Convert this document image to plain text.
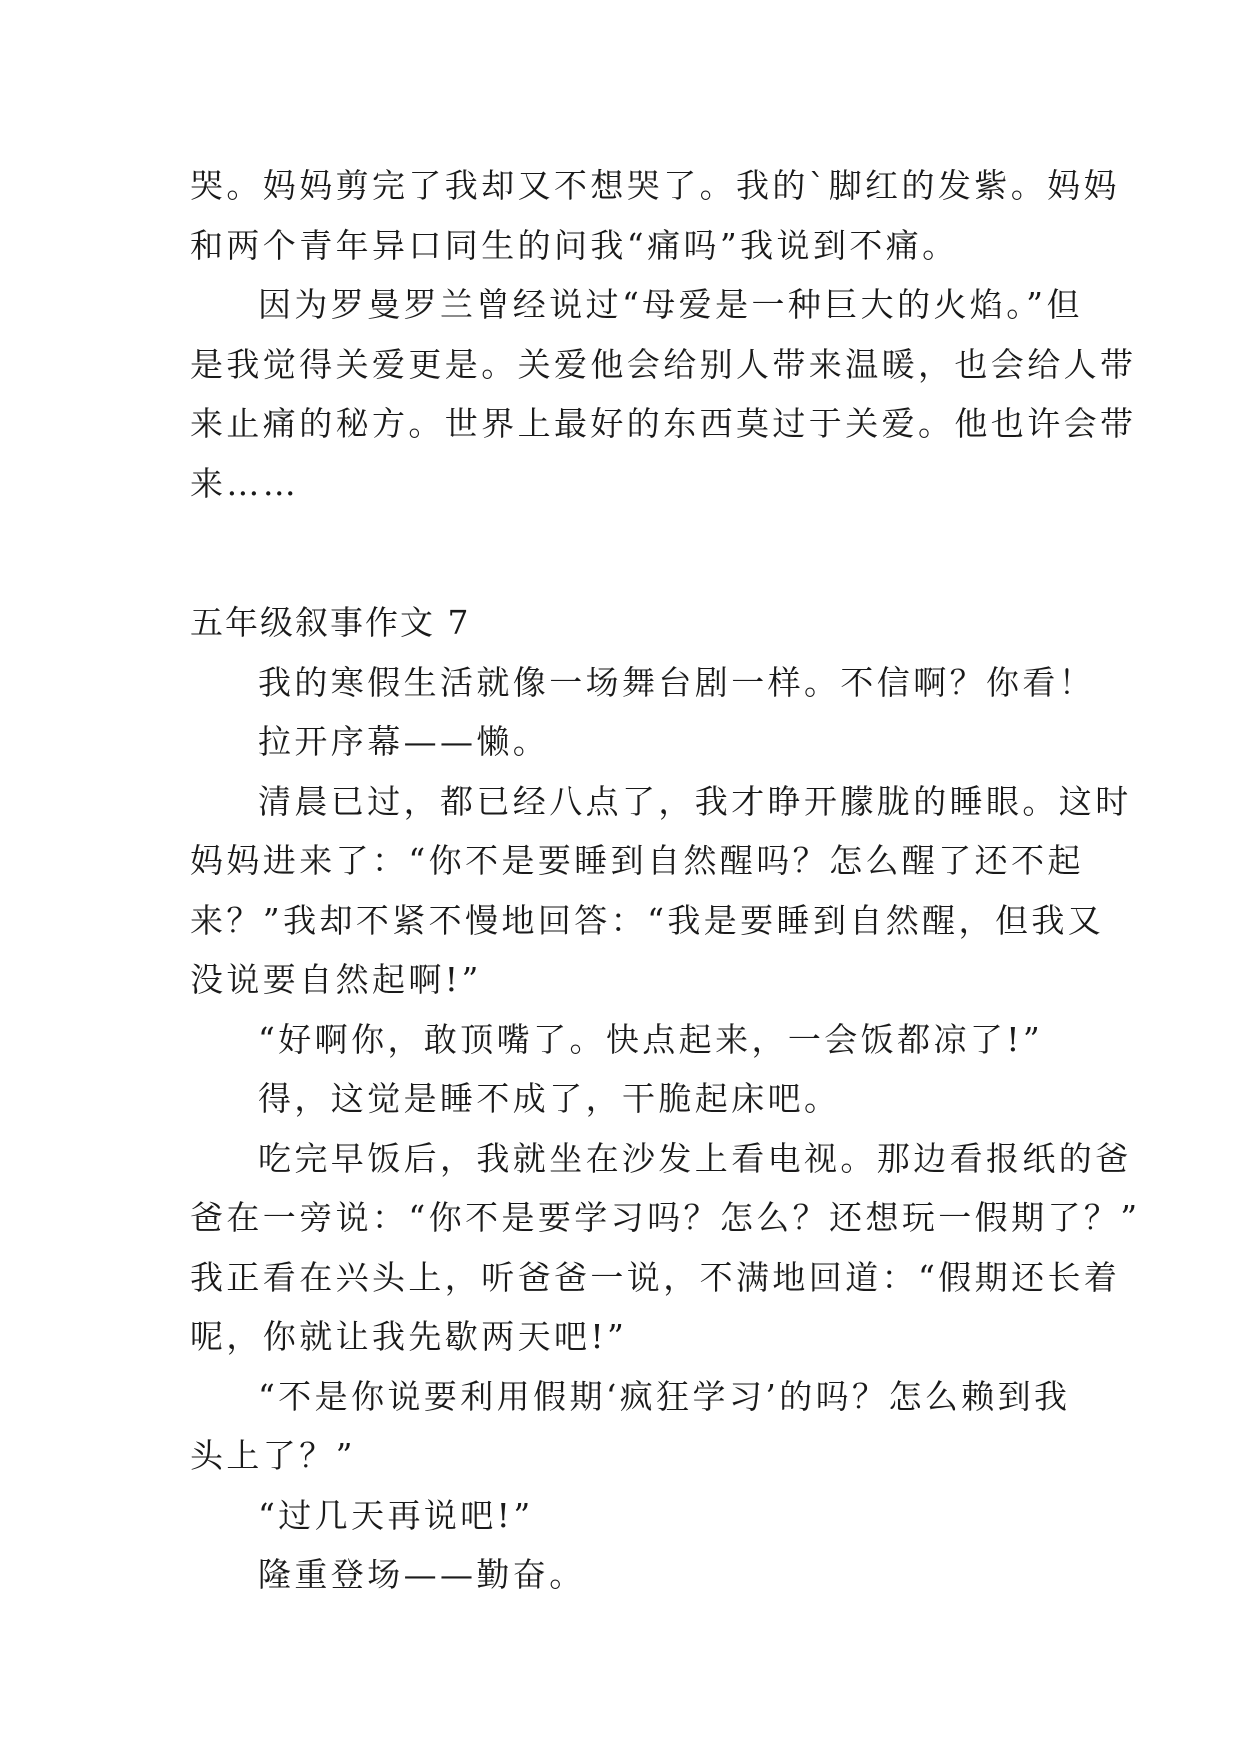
哭。妈妈剪完了我却又不想哭了。我的`脚红的发紫。妈妈
和两个青年异口同生的问我“痛吗”我说到不痛。
因为罗曼罗兰曾经说过“母爱是一种巨大的火焰。”但
是我觉得关爱更是。关爱他会给别人带来温暖，也会给人带
来止痛的秘方。世界上最好的东西莫过于关爱。他也许会带
来……
五年级叙事作文 7
我的寒假生活就像一场舞台剧一样。不信啊？你看！
拉开序幕——懒。
清晨已过，都已经八点了，我才睁开朦胧的睡眼。这时
妈妈进来了：“你不是要睡到自然醒吗？怎么醒了还不起
来？”我却不紧不慢地回答：“我是要睡到自然醒，但我又
没说要自然起啊!”
“好啊你，敢顶嘴了。快点起来，一会饭都凉了!”
得，这觉是睡不成了，干脆起床吧。
吃完早饭后，我就坐在沙发上看电视。那边看报纸的爸
爸在一旁说：“你不是要学习吗？怎么？还想玩一假期了？”
我正看在兴头上，听爸爸一说，不满地回道：“假期还长着
呢，你就让我先歇两天吧!”
“不是你说要利用假期‘疯狂学习’的吗？怎么赖到我
头上了？”
“过几天再说吧!”
隆重登场——勤奋。
